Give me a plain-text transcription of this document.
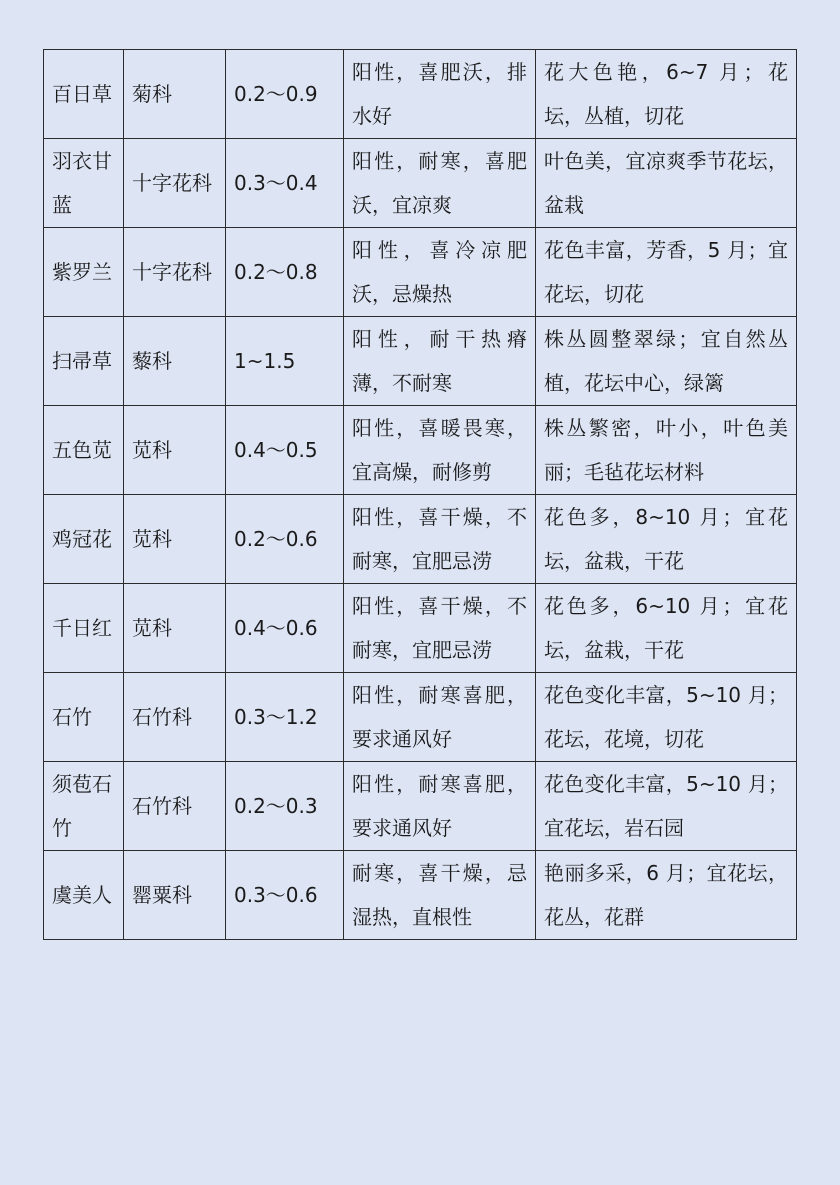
百日草	菊科	0.2～0.9	阳性，喜肥沃，排水好	花大色艳，6~7 月；花坛，丛植，切花
羽衣甘蓝	十字花科	0.3～0.4	阳性，耐寒，喜肥沃，宜凉爽	叶色美，宜凉爽季节花坛，盆栽
紫罗兰	十字花科	0.2～0.8	阳性，喜冷凉肥沃，忌燥热	花色丰富，芳香，5 月；宜花坛，切花
扫帚草	藜科	1~1.5	阳性，耐干热瘠薄，不耐寒	株丛圆整翠绿；宜自然丛植，花坛中心，绿篱
五色苋	苋科	0.4～0.5	阳性，喜暖畏寒，宜高燥，耐修剪	株丛繁密，叶小，叶色美丽；毛毡花坛材料
鸡冠花	苋科	0.2～0.6	阳性，喜干燥，不耐寒，宜肥忌涝	花色多，8~10 月；宜花坛，盆栽，干花
千日红	苋科	0.4～0.6	阳性，喜干燥，不耐寒，宜肥忌涝	花色多，6~10 月；宜花坛，盆栽，干花
石竹	石竹科	0.3～1.2	阳性，耐寒喜肥，要求通风好	花色变化丰富，5~10 月；花坛，花境，切花
须苞石竹	石竹科	0.2～0.3	阳性，耐寒喜肥，要求通风好	花色变化丰富，5~10 月；宜花坛，岩石园
虞美人	罂粟科	0.3～0.6	耐寒，喜干燥，忌湿热，直根性	艳丽多采，6 月；宜花坛，花丛，花群
